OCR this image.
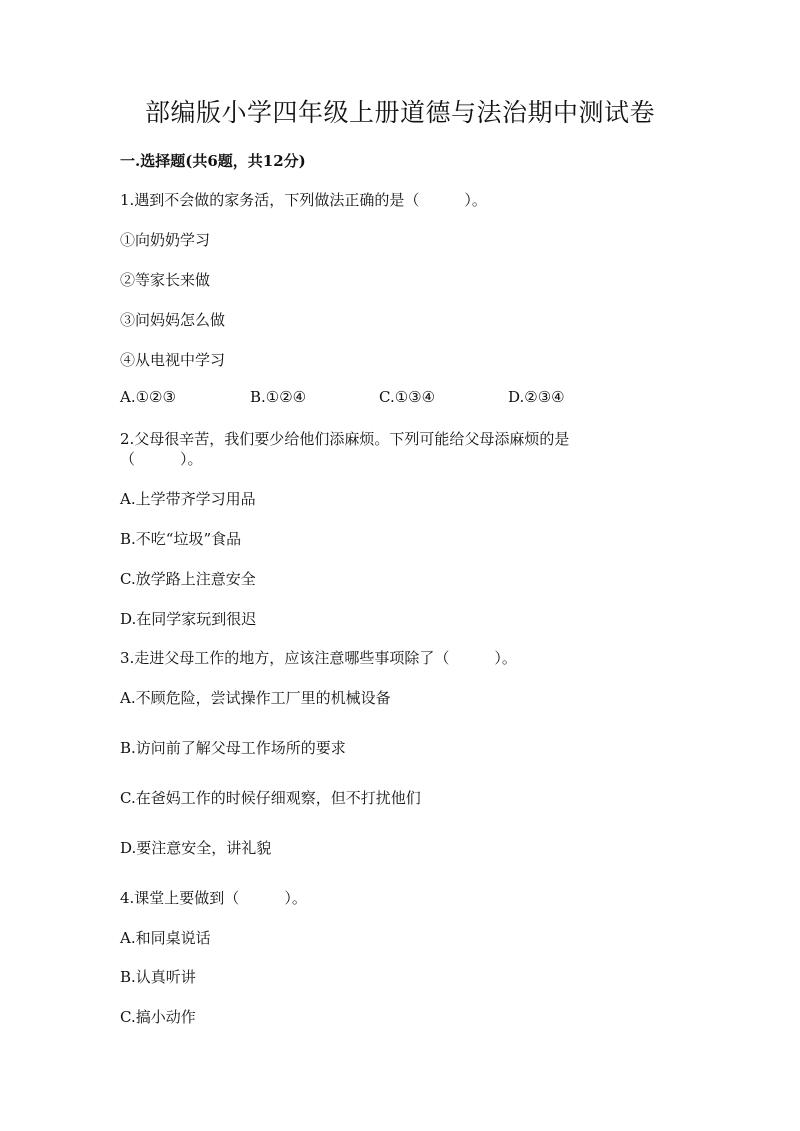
部编版小学四年级上册道德与法治期中测试卷
一.选择题(共6题，共12分)
1.遇到不会做的家务活，下列做法正确的是（　　　）。
①向奶奶学习
②等家长来做
③问妈妈怎么做
④从电视中学习
A.①②③	B.①②④	C.①③④	D.②③④
2.父母很辛苦，我们要少给他们添麻烦。下列可能给父母添麻烦的是
（　　　）。
A.上学带齐学习用品
B.不吃“垃圾”食品
C.放学路上注意安全
D.在同学家玩到很迟
3.走进父母工作的地方，应该注意哪些事项除了（　　　）。
A.不顾危险，尝试操作工厂里的机械设备
B.访问前了解父母工作场所的要求
C.在爸妈工作的时候仔细观察，但不打扰他们
D.要注意安全，讲礼貌
4.课堂上要做到（　　　）。
A.和同桌说话
B.认真听讲
C.搞小动作
